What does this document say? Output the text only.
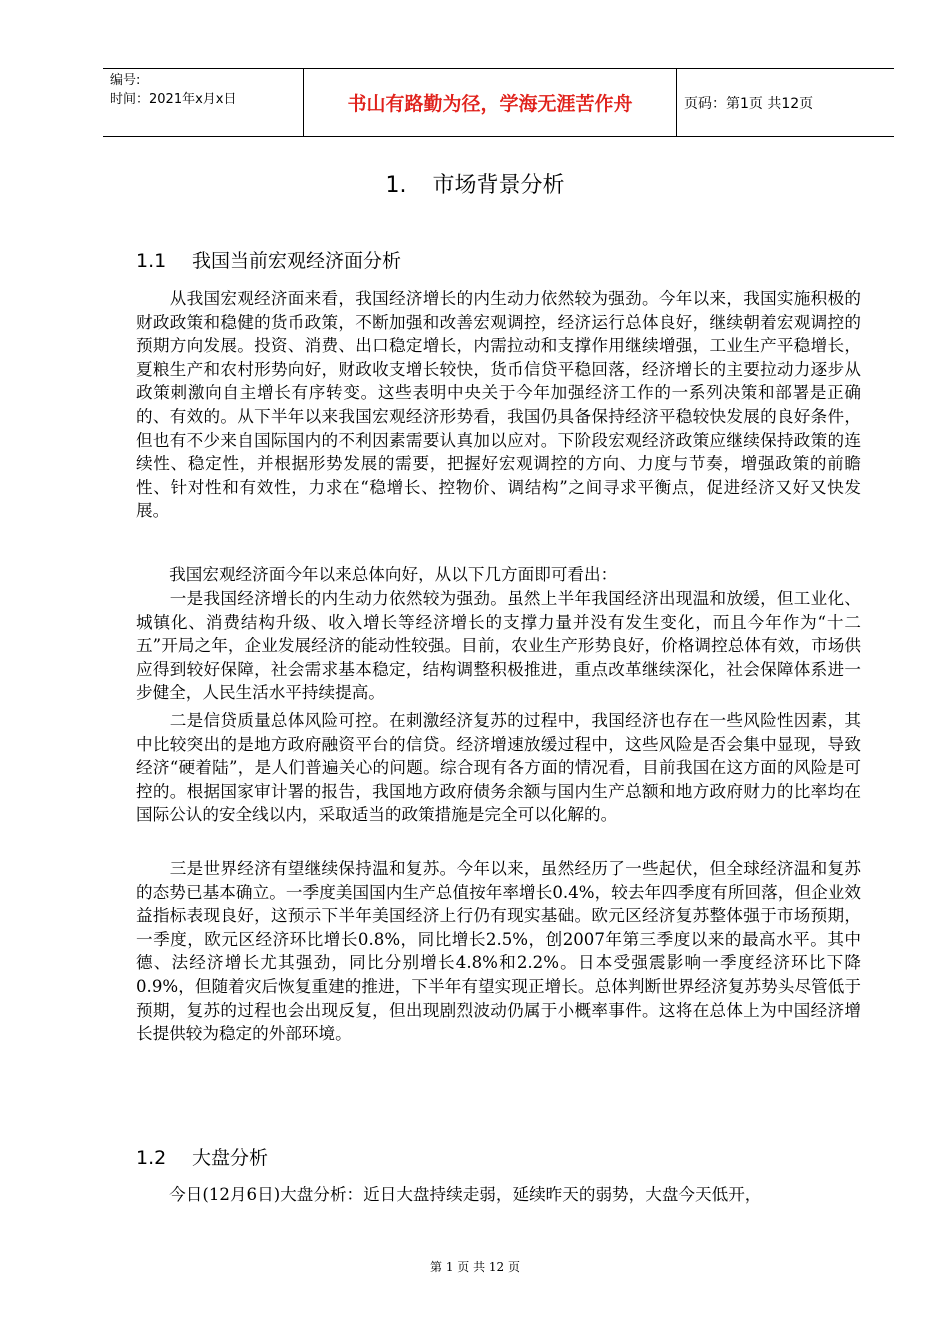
编号:
时间：2021年x月x日	书山有路勤为径，学海无涯苦作舟	页码：第1页 共12页
1. 市场背景分析
1.1 我国当前宏观经济面分析

　　从我国宏观经济面来看，我国经济增长的内生动力依然较为强劲。今年以来，我国实施积极的财政政策和稳健的货币政策，不断加强和改善宏观调控，经济运行总体良好，继续朝着宏观调控的预期方向发展。投资、消费、出口稳定增长，内需拉动和支撑作用继续增强，工业生产平稳增长，夏粮生产和农村形势向好，财政收支增长较快，货币信贷平稳回落，经济增长的主要拉动力逐步从政策刺激向自主增长有序转变。这些表明中央关于今年加强经济工作的一系列决策和部署是正确的、有效的。从下半年以来我国宏观经济形势看，我国仍具备保持经济平稳较快发展的良好条件，但也有不少来自国际国内的不利因素需要认真加以应对。下阶段宏观经济政策应继续保持政策的连续性、稳定性，并根据形势发展的需要，把握好宏观调控的方向、力度与节奏，增强政策的前瞻性、针对性和有效性，力求在“稳增长、控物价、调结构”之间寻求平衡点，促进经济又好又快发展。

　　我国宏观经济面今年以来总体向好，从以下几方面即可看出：

　　一是我国经济增长的内生动力依然较为强劲。虽然上半年我国经济出现温和放缓，但工业化、城镇化、消费结构升级、收入增长等经济增长的支撑力量并没有发生变化，而且今年作为“十二五”开局之年，企业发展经济的能动性较强。目前，农业生产形势良好，价格调控总体有效，市场供应得到较好保障，社会需求基本稳定，结构调整积极推进，重点改革继续深化，社会保障体系进一步健全，人民生活水平持续提高。

　　二是信贷质量总体风险可控。在刺激经济复苏的过程中，我国经济也存在一些风险性因素，其中比较突出的是地方政府融资平台的信贷。经济增速放缓过程中，这些风险是否会集中显现，导致经济“硬着陆”，是人们普遍关心的问题。综合现有各方面的情况看，目前我国在这方面的风险是可控的。根据国家审计署的报告，我国地方政府债务余额与国内生产总额和地方政府财力的比率均在国际公认的安全线以内，采取适当的政策措施是完全可以化解的。

　　三是世界经济有望继续保持温和复苏。今年以来，虽然经历了一些起伏，但全球经济温和复苏的态势已基本确立。一季度美国国内生产总值按年率增长0.4%，较去年四季度有所回落，但企业效益指标表现良好，这预示下半年美国经济上行仍有现实基础。欧元区经济复苏整体强于市场预期，一季度，欧元区经济环比增长0.8%，同比增长2.5%，创2007年第三季度以来的最高水平。其中德、法经济增长尤其强劲，同比分别增长4.8%和2.2%。日本受强震影响一季度经济环比下降0.9%，但随着灾后恢复重建的推进，下半年有望实现正增长。总体判断世界经济复苏势头尽管低于预期，复苏的过程也会出现反复，但出现剧烈波动仍属于小概率事件。这将在总体上为中国经济增长提供较为稳定的外部环境。

1.2 大盘分析

　　今日(12月6日)大盘分析：近日大盘持续走弱，延续昨天的弱势，大盘今天低开，

第 1 页 共 12 页
